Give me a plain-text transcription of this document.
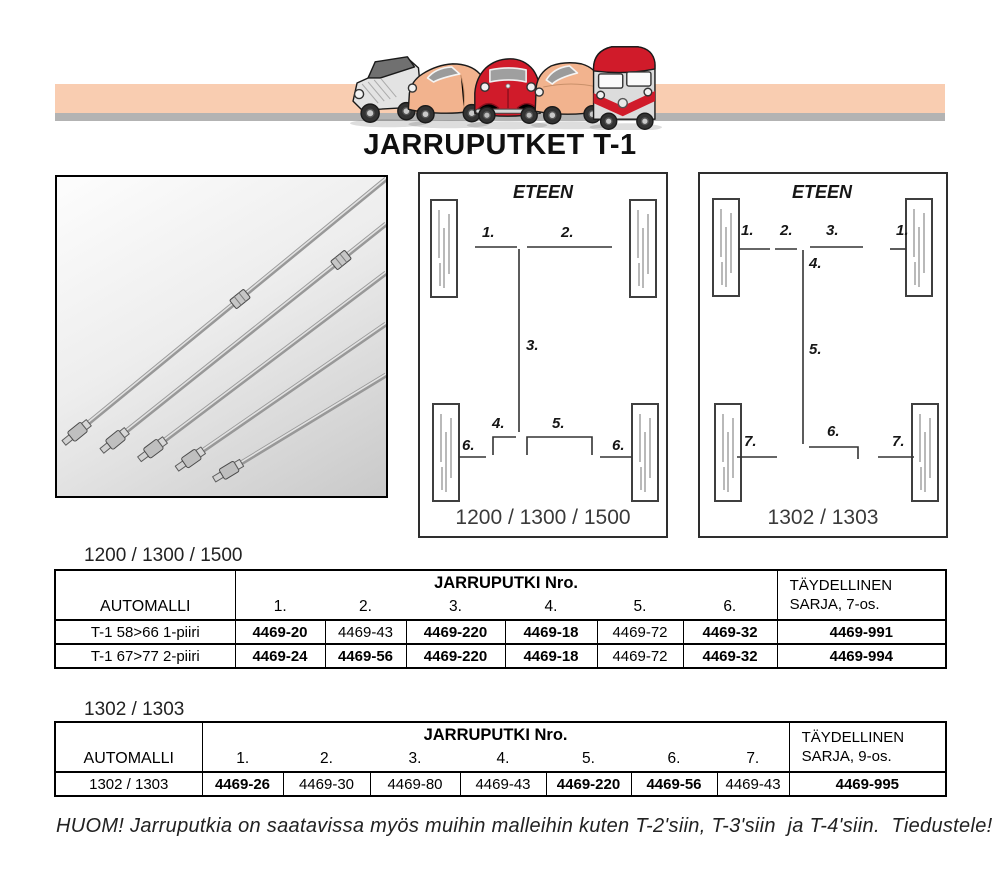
JARRUPUTKET T-1
ETEEN
1.	2.
3.
4.	5.
6.	6.
1200 / 1300 / 1500
ETEEN
1. 2. 3.	1.
4.
5.
6.
7.	7.
1302 / 1303
1200 / 1300 / 1500
AUTOMALLI	JARRUPUTKI Nro.						TÄYDELLINEN
SARJA, 7-os.

	1.	2.	3.	4.	5.	6.	
T-1 58>66 1-piiri	4469-20	4469-43	4469-220	4469-18	4469-72	4469-32	4469-991
T-1 67>77 2-piiri	4469-24	4469-56	4469-220	4469-18	4469-72	4469-32	4469-994
1302 / 1303
AUTOMALLI	JARRUPUTKI Nro.							TÄYDELLINEN
SARJA, 9-os.

	1.	2.	3.	4.	5.	6.	7.	
1302 / 1303	4469-26	4469-30	4469-80	4469-43	4469-220	4469-56	4469-43	4469-995
HUOM! Jarruputkia on saatavissa myös muihin malleihin kuten T-2'siin, T-3'siin  ja T-4'siin.  Tiedustele!
